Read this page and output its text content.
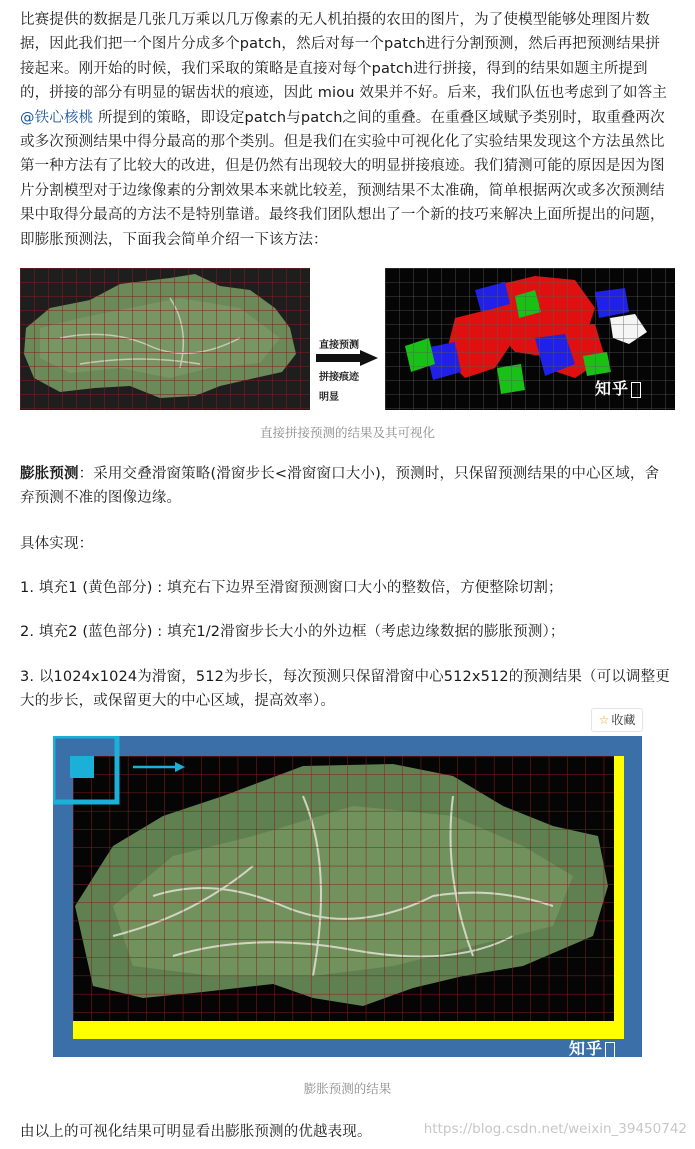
比赛提供的数据是几张几万乘以几万像素的无人机拍摄的农田的图片，为了使模型能够处理图片数据，因此我们把一个图片分成多个patch，然后对每一个patch进行分割预测，然后再把预测结果拼接起来。刚开始的时候，我们采取的策略是直接对每个patch进行拼接，得到的结果如题主所提到的，拼接的部分有明显的锯齿状的痕迹，因此 miou 效果并不好。后来，我们队伍也考虑到了如答主 @铁心核桃 所提到的策略，即设定patch与patch之间的重叠。在重叠区域赋予类别时，取重叠两次或多次预测结果中得分最高的那个类别。但是我们在实验中可视化化了实验结果发现这个方法虽然比第一种方法有了比较大的改进，但是仍然有出现较大的明显拼接痕迹。我们猜测可能的原因是因为图片分割模型对于边缘像素的分割效果本来就比较差，预测结果不太准确，简单根据两次或多次预测结果中取得分最高的方法不是特别靠谱。最终我们团队想出了一个新的技巧来解决上面所提出的问题，即膨胀预测法，下面我会简单介绍一下该方法：

直接预测
拼接痕迹
明显	知乎

直接拼接预测的结果及其可视化

膨胀预测：采用交叠滑窗策略(滑窗步长<滑窗窗口大小)，预测时，只保留预测结果的中心区域，舍弃预测不准的图像边缘。

具体实现：

1. 填充1 (黄色部分) : 填充右下边界至滑窗预测窗口大小的整数倍，方便整除切割；

2. 填充2 (蓝色部分) : 填充1/2滑窗步长大小的外边框（考虑边缘数据的膨胀预测）；

3. 以1024x1024为滑窗，512为步长，每次预测只保留滑窗中心512x512的预测结果（可以调整更大的步长，或保留更大的中心区域，提高效率）。

☆ 收藏
知乎

膨胀预测的结果

由以上的可视化结果可明显看出膨胀预测的优越表现。	https://blog.csdn.net/weixin_39450742
